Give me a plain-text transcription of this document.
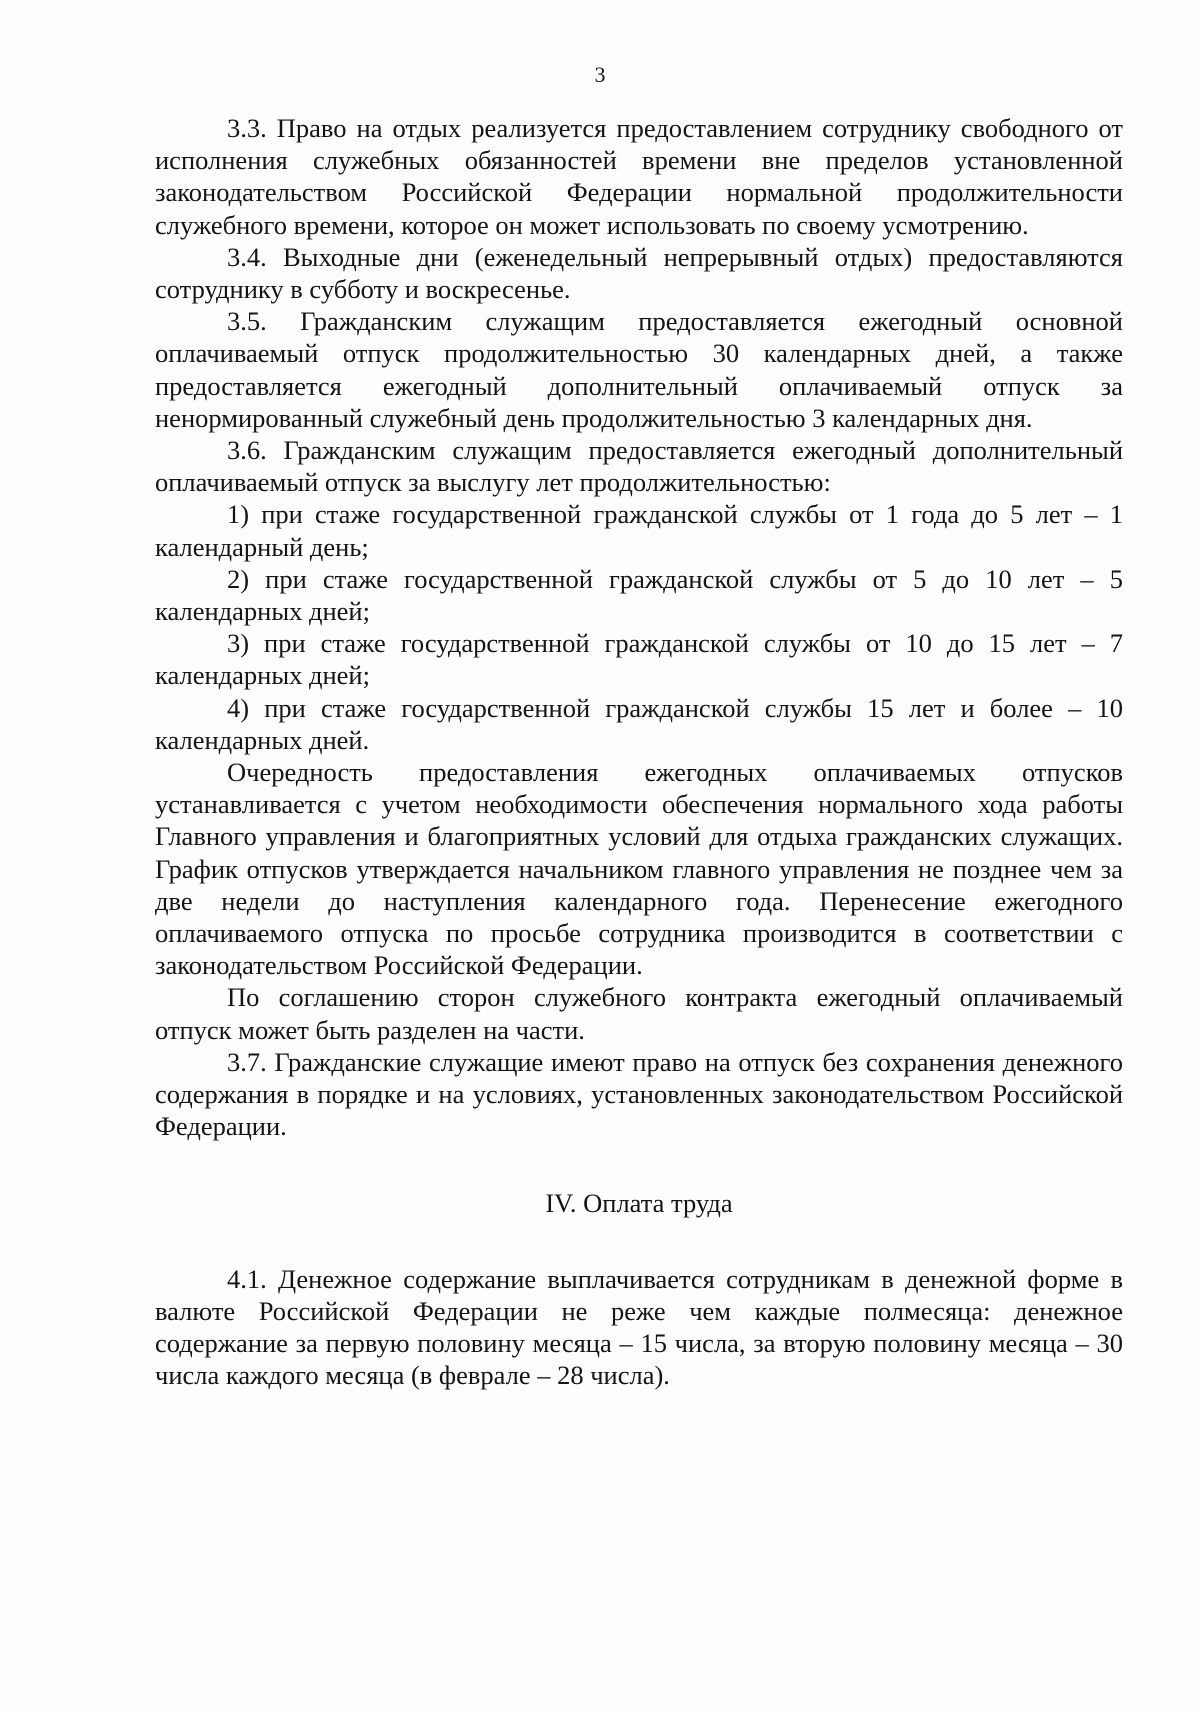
3

3.3. Право на отдых реализуется предоставлением сотруднику свободного от исполнения служебных обязанностей времени вне пределов установленной законодательством Российской Федерации нормальной продолжительности служебного времени, которое он может использовать по своему усмотрению.

3.4. Выходные дни (еженедельный непрерывный отдых) предоставляются сотруднику в субботу и воскресенье.

3.5. Гражданским служащим предоставляется ежегодный основной оплачиваемый отпуск продолжительностью 30 календарных дней, а также предоставляется ежегодный дополнительный оплачиваемый отпуск за ненормированный служебный день продолжительностью 3 календарных дня.

3.6. Гражданским служащим предоставляется ежегодный дополнительный оплачиваемый отпуск за выслугу лет продолжительностью:

1) при стаже государственной гражданской службы от 1 года до 5 лет – 1 календарный день;

2) при стаже государственной гражданской службы от 5 до 10 лет – 5 календарных дней;

3) при стаже государственной гражданской службы от 10 до 15 лет – 7 календарных дней;

4) при стаже государственной гражданской службы 15 лет и более – 10 календарных дней.

Очередность предоставления ежегодных оплачиваемых отпусков устанавливается с учетом необходимости обеспечения нормального хода работы Главного управления и благоприятных условий для отдыха гражданских служащих. График отпусков утверждается начальником главного управления не позднее чем за две недели до наступления календарного года. Перенесение ежегодного оплачиваемого отпуска по просьбе сотрудника производится в соответствии с законодательством Российской Федерации.

По соглашению сторон служебного контракта ежегодный оплачиваемый отпуск может быть разделен на части.

3.7. Гражданские служащие имеют право на отпуск без сохранения денежного содержания в порядке и на условиях, установленных законодательством Российской Федерации.

IV. Оплата труда

4.1. Денежное содержание выплачивается сотрудникам в денежной форме в валюте Российской Федерации не реже чем каждые полмесяца: денежное содержание за первую половину месяца – 15 числа, за вторую половину месяца – 30 числа каждого месяца (в феврале – 28 числа).
